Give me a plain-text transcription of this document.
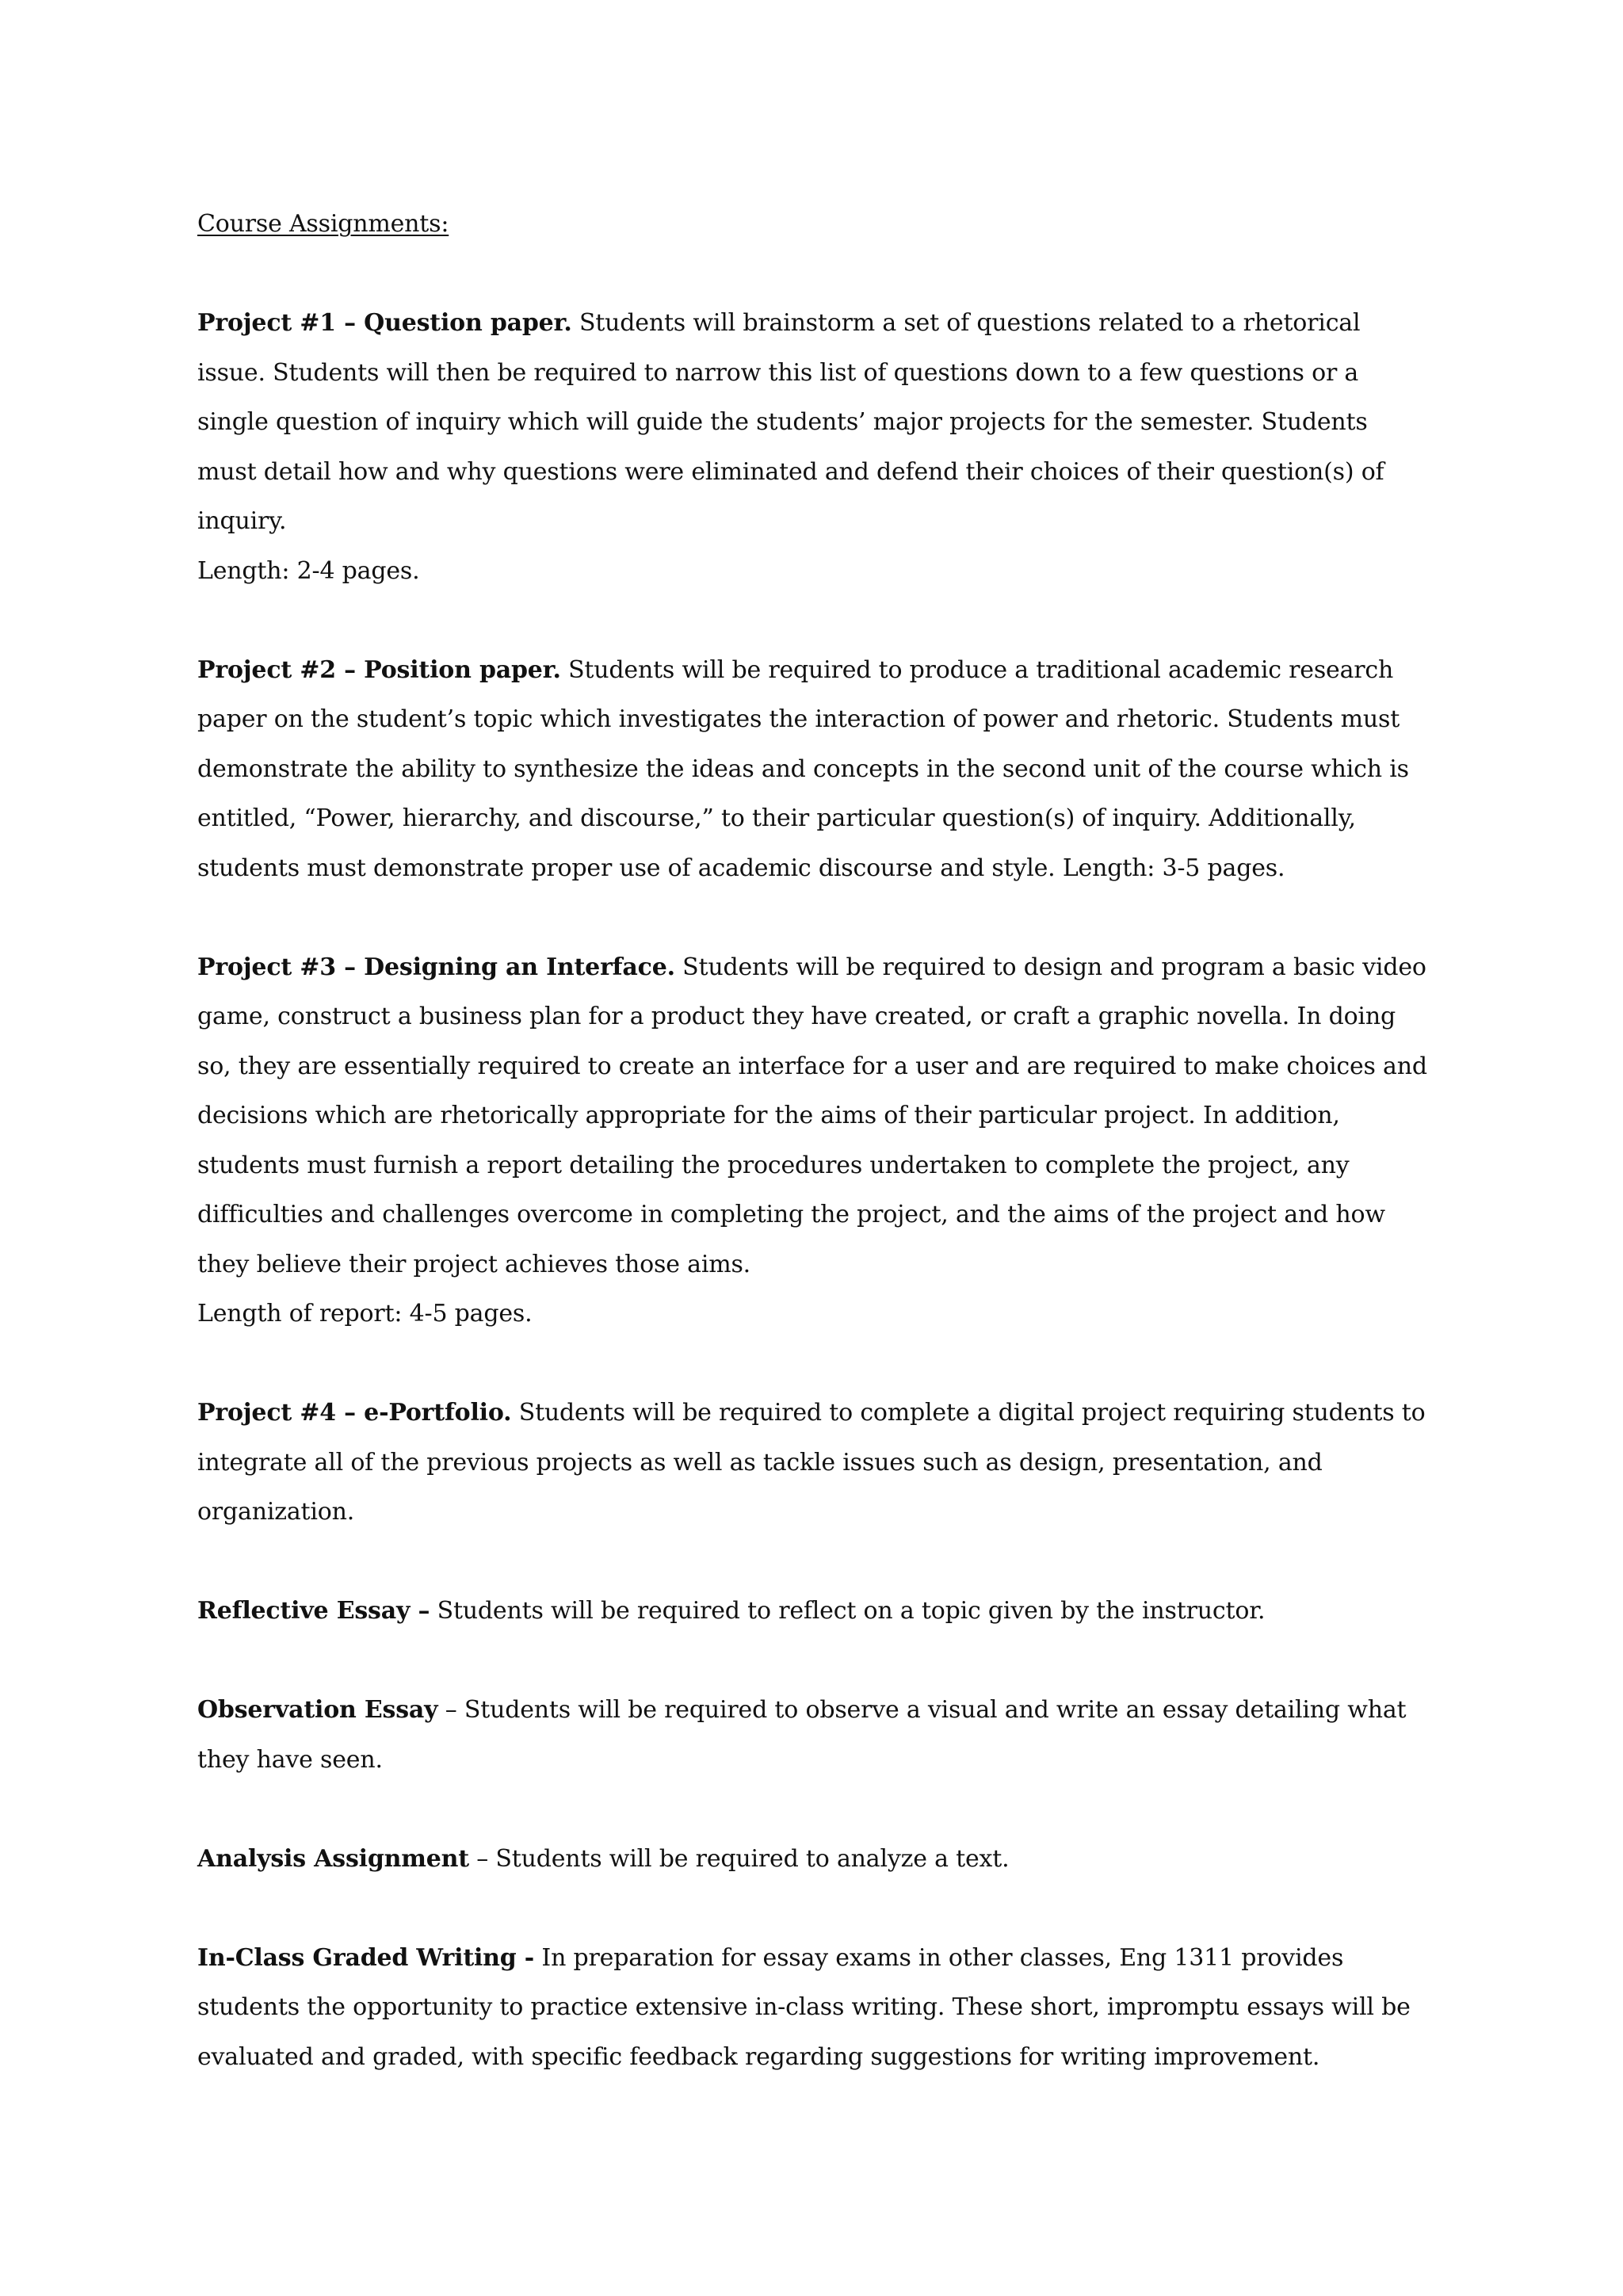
Course Assignments:

Project #1 – Question paper. Students will brainstorm a set of questions related to a rhetorical issue. Students will then be required to narrow this list of questions down to a few questions or a single question of inquiry which will guide the students’ major projects for the semester. Students must detail how and why questions were eliminated and defend their choices of their question(s) of inquiry.

Length: 2-4 pages.

Project #2 – Position paper. Students will be required to produce a traditional academic research paper on the student’s topic which investigates the interaction of power and rhetoric. Students must demonstrate the ability to synthesize the ideas and concepts in the second unit of the course which is entitled, “Power, hierarchy, and discourse,” to their particular question(s) of inquiry. Additionally, students must demonstrate proper use of academic discourse and style. Length: 3-5 pages.

Project #3 – Designing an Interface. Students will be required to design and program a basic video game, construct a business plan for a product they have created, or craft a graphic novella. In doing so, they are essentially required to create an interface for a user and are required to make choices and decisions which are rhetorically appropriate for the aims of their particular project. In addition, students must furnish a report detailing the procedures undertaken to complete the project, any difficulties and challenges overcome in completing the project, and the aims of the project and how they believe their project achieves those aims.

Length of report: 4-5 pages.

Project #4 – e-Portfolio. Students will be required to complete a digital project requiring students to integrate all of the previous projects as well as tackle issues such as design, presentation, and organization.

Reflective Essay – Students will be required to reflect on a topic given by the instructor.

Observation Essay – Students will be required to observe a visual and write an essay detailing what they have seen.

Analysis Assignment – Students will be required to analyze a text.

In-Class Graded Writing - In preparation for essay exams in other classes, Eng 1311 provides students the opportunity to practice extensive in-class writing. These short, impromptu essays will be evaluated and graded, with specific feedback regarding suggestions for writing improvement.
